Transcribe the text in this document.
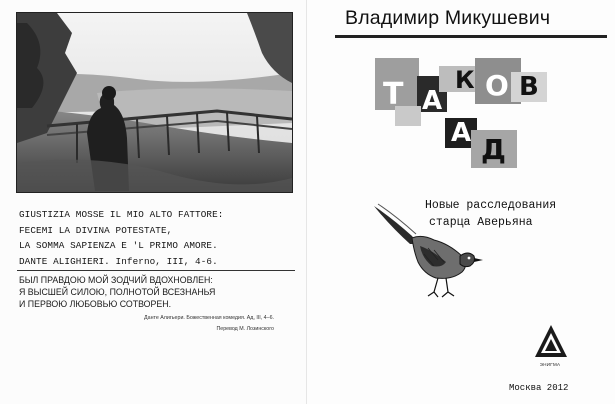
GIUSTIZIA MOSSE IL MIO ALTO FATTORE:
FECEMI LA DIVINA POTESTATE,
LA SOMMA SAPIENZA E 'L PRIMO AMORE.
DANTE ALIGHIERI. Inferno, III, 4-6.
БЫЛ ПРАВДОЮ МОЙ ЗОДЧИЙ ВДОХНОВЛЕН:
Я ВЫСШЕЙ СИЛОЮ, ПОЛНОТОЙ ВСЕЗНАНЬЯ
И ПЕРВОЮ ЛЮБОВЬЮ СОТВОРЕН.
Данте Алигьери. Божественная комедия. Ад, III, 4–6.
Перевод М. Лозинского
Владимир Микушевич
Т А
К О В
А Д
Новые расследования
старца Аверьяна
ЭНИГМА
Москва 2012
